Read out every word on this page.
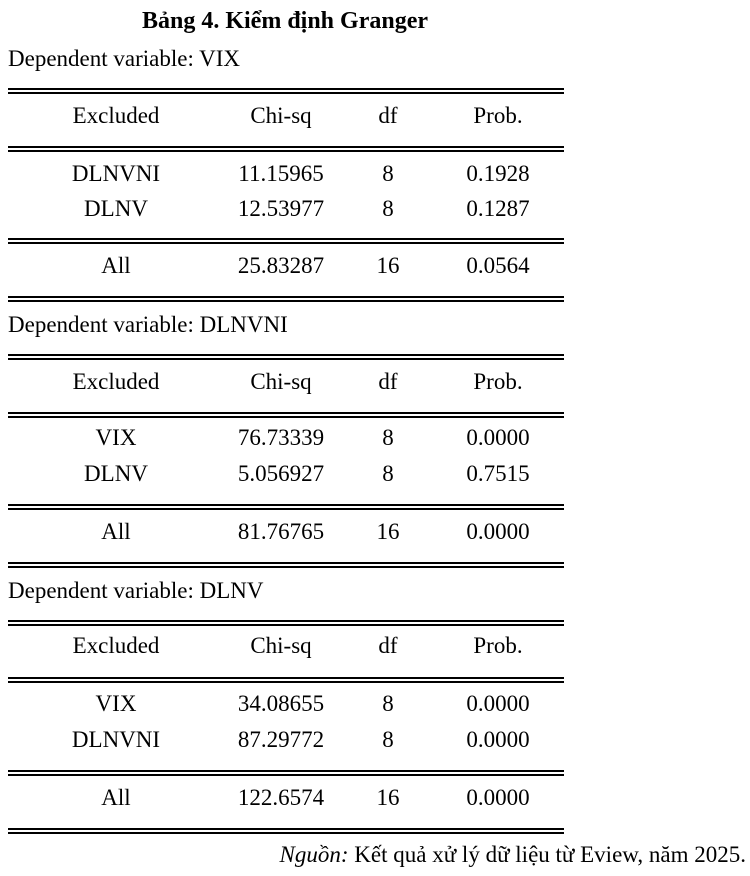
Bảng 4. Kiểm định Granger
Dependent variable: VIX
Excluded	Chi-sq	df	Prob.
DLNVNI	11.15965	8	0.1928
DLNV	12.53977	8	0.1287
All	25.83287	16	0.0564
Dependent variable: DLNVNI
Excluded	Chi-sq	df	Prob.
VIX	76.73339	8	0.0000
DLNV	5.056927	8	0.7515
All	81.76765	16	0.0000
Dependent variable: DLNV
Excluded	Chi-sq	df	Prob.
VIX	34.08655	8	0.0000
DLNVNI	87.29772	8	0.0000
All	122.6574	16	0.0000
Nguồn: Kết quả xử lý dữ liệu từ Eview, năm 2025.
